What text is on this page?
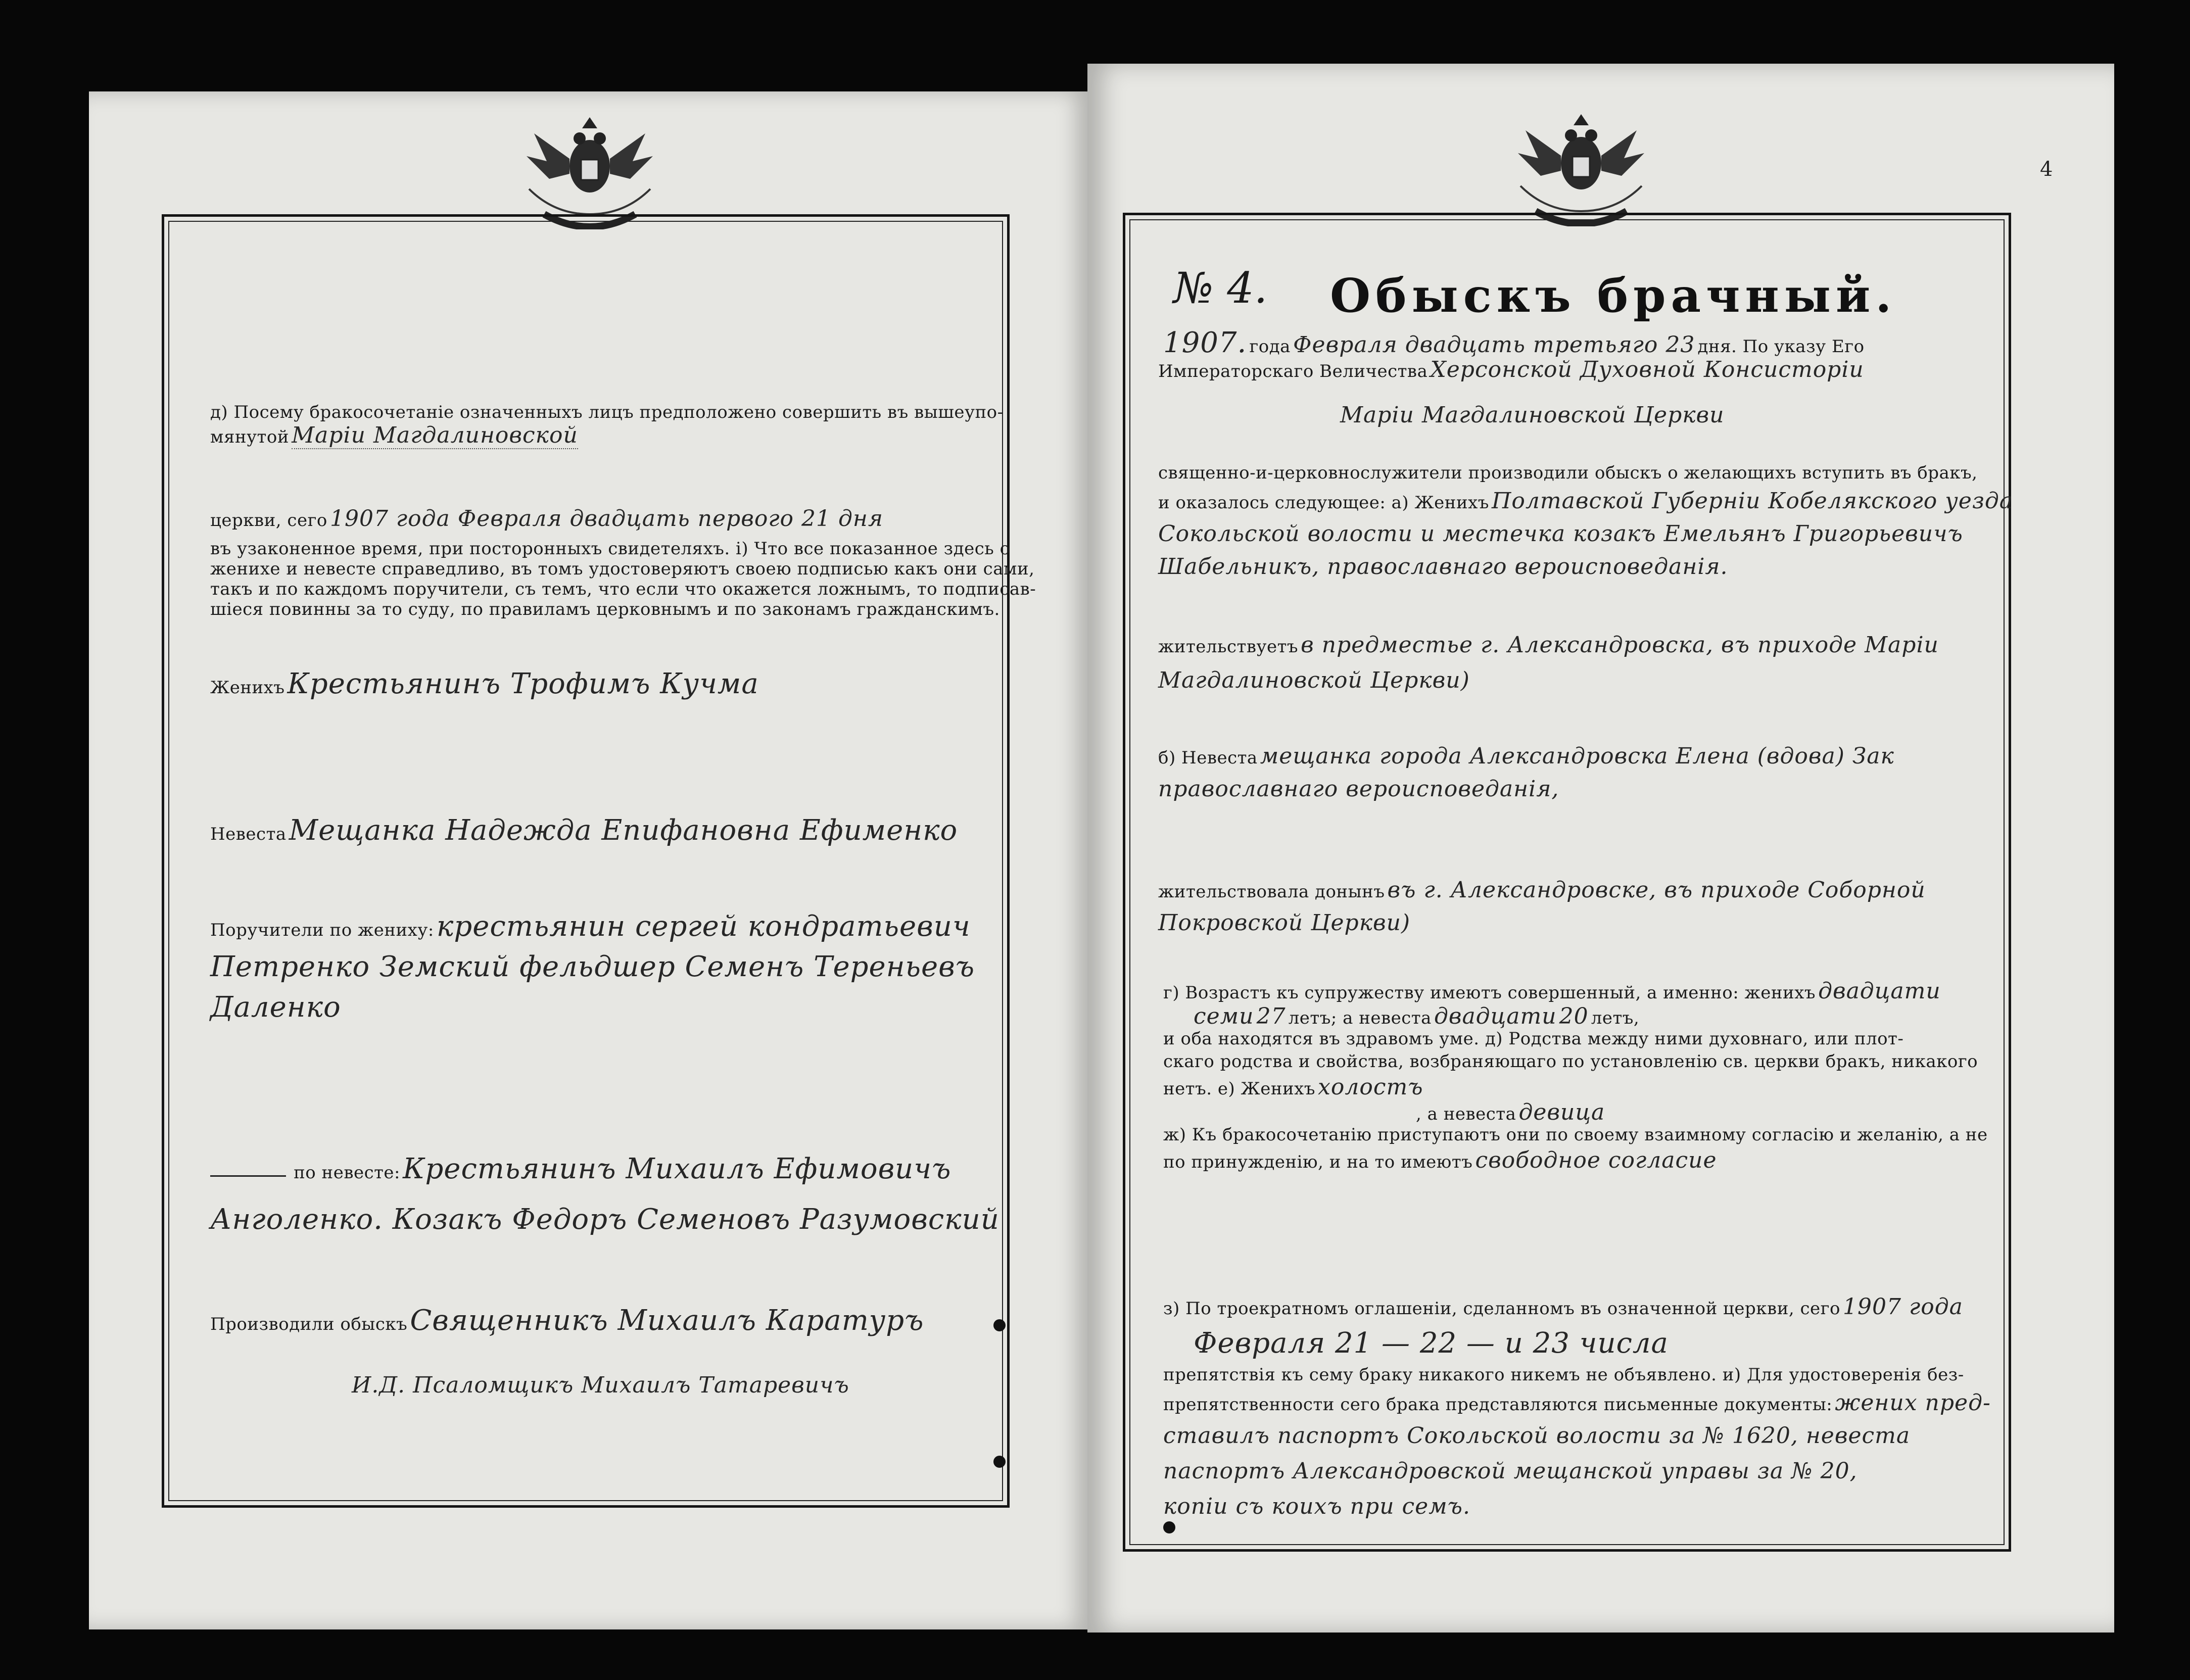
д) Посему бракосочетанiе означенныхъ лицъ предположено совершить въ вышеупо-
мянутой Марiи Магдалиновской
церкви, сего 1907 года Февраля двадцать первого 21 дня
въ узаконенное время, при посторонныхъ свидетеляхъ. i) Что все показанное здесь о
женихе и невесте справедливо, въ томъ удостоверяютъ своею подписью какъ они сами,
такъ и по каждомъ поручители, съ темъ, что если что окажется ложнымъ, то подписав-
шiеся повинны за то суду, по правиламъ церковнымъ и по законамъ гражданскимъ.
Женихъ Крестьянинъ Трофимъ Кучма
Невеста Мещанка Надежда Епифановна Ефименко
Поручители по жениху: крестьянин сергей кондратьевич
Петренко Земский фельдшер Семенъ Тереньевъ
Даленко
по невесте: Крестьянинъ Михаилъ Ефимовичъ
Анголенко. Козакъ Федоръ Семеновъ Разумовский
Производили обыскъ Священникъ Михаилъ Каратуръ
И.Д. Псаломщикъ Михаилъ Татаревичъ
4
№ 4. Обыскъ брачный.
1907. года Февраля двадцать третьяго 23 дня. По указу Его
Императорскаго Величества Херсонской Духовной Консисторiи
Марiи Магдалиновской Церкви
священно-и-церковнослужители производили обыскъ о желающихъ вступить въ бракъ,
и оказалось следующее: a) Женихъ Полтавской Губернiи Кобелякского уезда
Сокольской волости и местечка козакъ Емельянъ Григорьевичъ
Шабельникъ, православнаго вероисповеданiя.
жительствуетъ в предместье г. Александровска, въ приходе Марiи
Магдалиновской Церкви)
б) Невеста мещанка города Александровска Елена (вдова) Зак
православнаго вероисповеданiя,
жительствовала донынъ въ г. Александровске, въ приходе Соборной
Покровской Церкви)
г) Возрастъ къ супружеству имеютъ совершенный, а именно: женихъ двадцати
семи 27 летъ; а невеста двадцати 20 летъ,
и оба находятся въ здравомъ уме. д) Родства между ними духовнаго, или плот-
скаго родства и свойства, возбраняющаго по установленiю св. церкви бракъ, никакого
нетъ. е) Женихъ холостъ
, а невеста девица
ж) Къ бракосочетанiю приступаютъ они по своему взаимному согласiю и желанiю, а не
по принужденiю, и на то имеютъ свободное согласие
з) По троекратномъ оглашенiи, сделанномъ въ означенной церкви, сего 1907 года
Февраля 21 — 22 — и 23 числа
препятствiя къ сему браку никакого никемъ не объявлено. и) Для удостоверенiя без-
препятственности сего брака представляются письменные документы: жених пред-
ставилъ паспортъ Сокольской волости за № 1620, невеста
паспортъ Александровской мещанской управы за № 20,
копiи съ коихъ при семъ.
